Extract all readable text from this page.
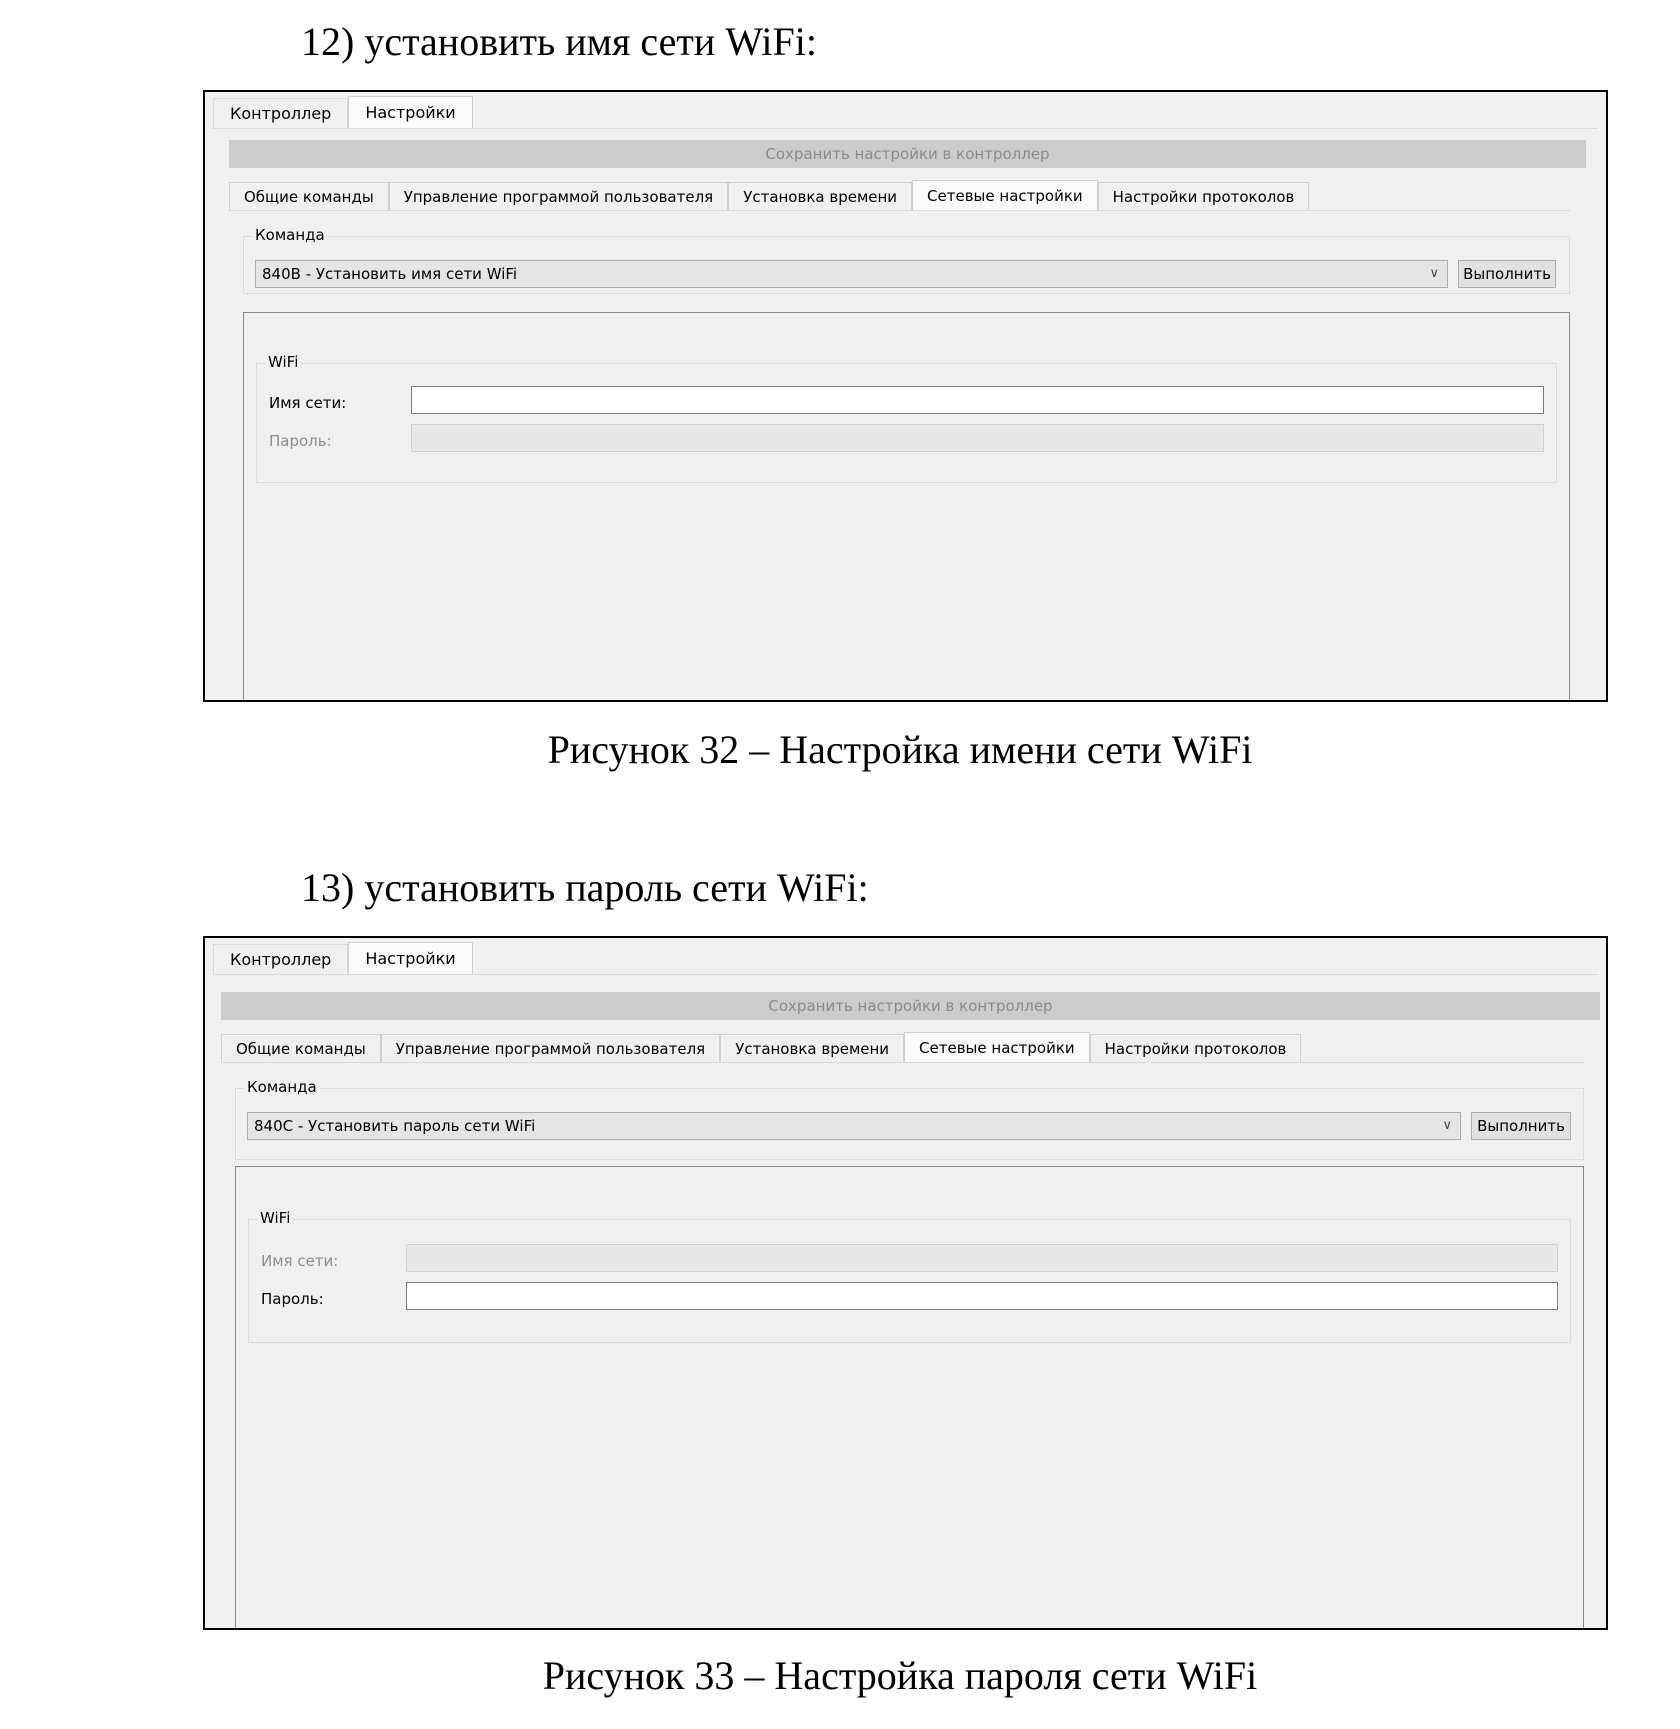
12) установить имя сети WiFi:
Контроллер	Настройки
Сохранить настройки в контроллер
Общие команды	Управление программой пользователя	Установка времени	Сетевые настройки	Настройки протоколов
Команда
840B - Установить имя сети WiFi	∨	Выполнить
WiFi
Имя сети:
Пароль:
Рисунок 32 – Настройка имени сети WiFi
13) установить пароль сети WiFi:
Контроллер	Настройки
Сохранить настройки в контроллер
Общие команды	Управление программой пользователя	Установка времени	Сетевые настройки	Настройки протоколов
Команда
840C - Установить пароль сети WiFi	∨	Выполнить
WiFi
Имя сети:
Пароль:
Рисунок 33 – Настройка пароля сети WiFi
